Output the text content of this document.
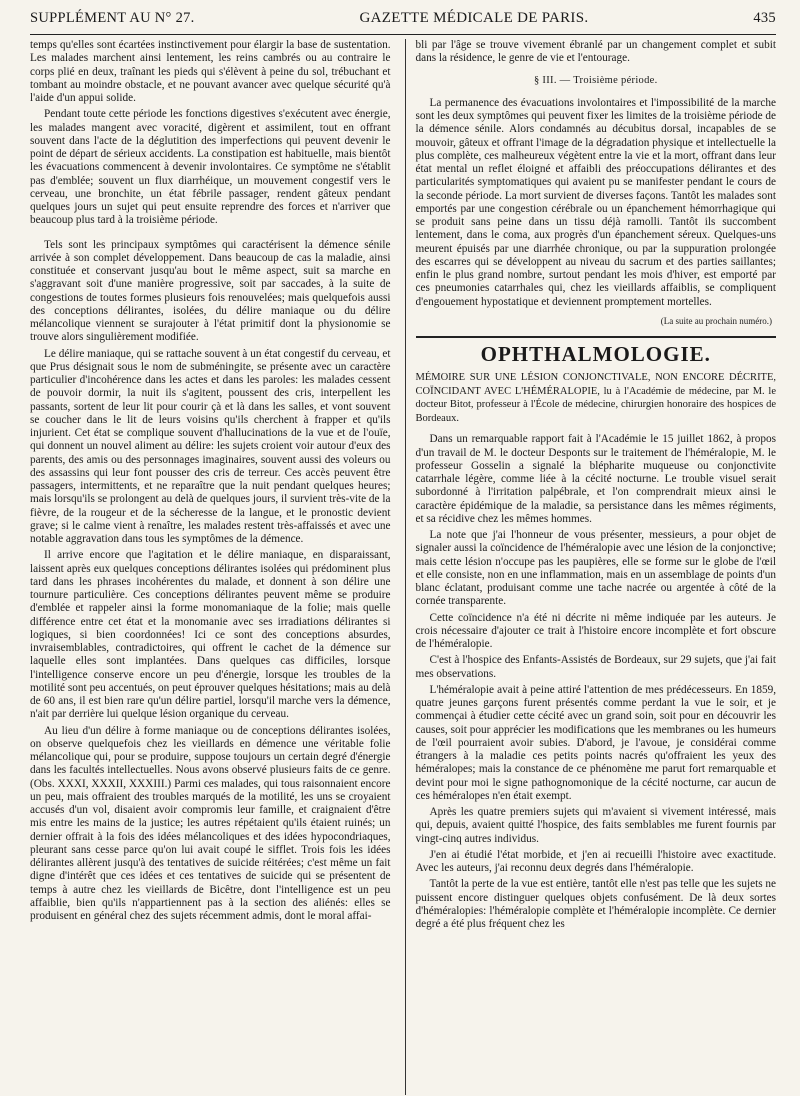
SUPPLÉMENT AU N° 27.	GAZETTE MÉDICALE DE PARIS.	435

temps qu'elles sont écartées instinctivement pour élargir la base de sustentation. Les malades marchent ainsi lentement, les reins cambrés ou au contraire le corps plié en deux, traînant les pieds qui s'élèvent à peine du sol, trébuchant et tombant au moindre obstacle, et ne pouvant avancer avec quelque sécurité qu'à l'aide d'un appui solide.

Pendant toute cette période les fonctions digestives s'exécutent avec énergie, les malades mangent avec voracité, digèrent et assimilent, tout en offrant souvent dans l'acte de la déglutition des imperfections qui peuvent devenir le point de départ de sérieux accidents. La constipation est habituelle, mais bientôt les évacuations commencent à devenir involontaires. Ce symptôme ne s'établit pas d'emblée; souvent un flux diarrhéique, un mouvement congestif vers le cerveau, une bronchite, un état fébrile passager, rendent gâteux pendant quelques jours un sujet qui peut ensuite reprendre des forces et n'arriver que beaucoup plus tard à la troisième période.

Tels sont les principaux symptômes qui caractérisent la démence sénile arrivée à son complet développement. Dans beaucoup de cas la maladie, ainsi constituée et conservant jusqu'au bout le même aspect, suit sa marche en s'aggravant soit d'une manière progressive, soit par saccades, à la suite de congestions de toutes formes plusieurs fois renouvelées; mais quelquefois aussi des conceptions délirantes, isolées, du délire maniaque ou du délire mélancolique viennent se surajouter à l'état primitif dont la physionomie se trouve alors singulièrement modifiée.

Le délire maniaque, qui se rattache souvent à un état congestif du cerveau, et que Prus désignait sous le nom de subméningite, se présente avec un caractère particulier d'incohérence dans les actes et dans les paroles: les malades cessent de pouvoir dormir, la nuit ils s'agitent, poussent des cris, interpellent les passants, sortent de leur lit pour courir çà et là dans les salles, et vont souvent se coucher dans le lit de leurs voisins qu'ils cherchent à frapper et qu'ils injurient. Cet état se complique souvent d'hallucinations de la vue et de l'ouïe, qui donnent un nouvel aliment au délire: les sujets croient voir autour d'eux des parents, des amis ou des personnages imaginaires, souvent aussi des voleurs ou des assassins qui leur font pousser des cris de terreur. Ces accès peuvent être passagers, intermittents, et ne reparaître que la nuit pendant quelques heures; mais lorsqu'ils se prolongent au delà de quelques jours, il survient très-vite de la fièvre, de la rougeur et de la sécheresse de la langue, et le pronostic devient grave; si le calme vient à renaître, les malades restent très-affaissés et avec une notable aggravation dans tous les symptômes de la démence.

Il arrive encore que l'agitation et le délire maniaque, en disparaissant, laissent après eux quelques conceptions délirantes isolées qui prédominent plus tard dans les phrases incohérentes du malade, et donnent à son délire une tournure particulière. Ces conceptions délirantes peuvent même se produire d'emblée et rappeler ainsi la forme monomaniaque de la folie; mais quelle différence entre cet état et la monomanie avec ses irradiations délirantes si logiques, si bien coordonnées! Ici ce sont des conceptions absurdes, invraisemblables, contradictoires, qui offrent le cachet de la démence sur laquelle elles sont implantées. Dans quelques cas difficiles, lorsque l'intelligence conserve encore un peu d'énergie, lorsque les troubles de la motilité sont peu accentués, on peut éprouver quelques hésitations; mais au delà de 60 ans, il est bien rare qu'un délire partiel, lorsqu'il marche vers la démence, n'ait par derrière lui quelque lésion organique du cerveau.

Au lieu d'un délire à forme maniaque ou de conceptions délirantes isolées, on observe quelquefois chez les vieillards en démence une véritable folie mélancolique qui, pour se produire, suppose toujours un certain degré d'énergie dans les facultés intellectuelles. Nous avons observé plusieurs faits de ce genre. (Obs. XXXI, XXXII, XXXIII.) Parmi ces malades, qui tous raisonnaient encore un peu, mais offraient des troubles marqués de la motilité, les uns se croyaient accusés d'un vol, disaient avoir compromis leur famille, et craignaient d'être mis entre les mains de la justice; les autres répétaient qu'ils étaient ruinés; un dernier offrait à la fois des idées mélancoliques et des idées hypocondriaques, pleurant sans cesse parce qu'on lui avait coupé le sifflet. Trois fois les idées délirantes allèrent jusqu'à des tentatives de suicide réitérées; c'est même un fait digne d'intérêt que ces idées et ces tentatives de suicide qui se présentent de temps à autre chez les vieillards de Bicêtre, dont l'intelligence est un peu affaiblie, bien qu'ils n'appartiennent pas à la section des aliénés: elles se produisent en général chez des sujets récemment admis, dont le moral affai-

bli par l'âge se trouve vivement ébranlé par un changement complet et subit dans la résidence, le genre de vie et l'entourage.

§ III. — Troisième période.

La permanence des évacuations involontaires et l'impossibilité de la marche sont les deux symptômes qui peuvent fixer les limites de la troisième période de la démence sénile. Alors condamnés au décubitus dorsal, incapables de se mouvoir, gâteux et offrant l'image de la dégradation physique et intellectuelle la plus complète, ces malheureux végètent entre la vie et la mort, offrant dans leur état mental un reflet éloigné et affaibli des préoccupations délirantes et des particularités symptomatiques qui avaient pu se manifester pendant le cours de la seconde période. La mort survient de diverses façons. Tantôt les malades sont emportés par une congestion cérébrale ou un épanchement hémorrhagique qui se produit sans peine dans un tissu déjà ramolli. Tantôt ils succombent lentement, dans le coma, aux progrès d'un épanchement séreux. Quelques-uns meurent épuisés par une diarrhée chronique, ou par la suppuration prolongée des escarres qui se développent au niveau du sacrum et des parties saillantes; enfin le plus grand nombre, surtout pendant les mois d'hiver, est emporté par ces pneumonies catarrhales qui, chez les vieillards affaiblis, se compliquent d'engouement hypostatique et deviennent promptement mortelles.

(La suite au prochain numéro.)
OPHTHALMOLOGIE.
MÉMOIRE SUR UNE LÉSION CONJONCTIVALE, NON ENCORE DÉCRITE, COÏNCIDANT AVEC L'HÉMÉRALOPIE, lu à l'Académie de médecine, par M. le docteur Bitot, professeur à l'École de médecine, chirurgien honoraire des hospices de Bordeaux.

Dans un remarquable rapport fait à l'Académie le 15 juillet 1862, à propos d'un travail de M. le docteur Desponts sur le traitement de l'héméralopie, M. le professeur Gosselin a signalé la blépharite muqueuse ou conjonctivite catarrhale légère, comme liée à la cécité nocturne. Le trouble visuel serait subordonné à l'irritation palpébrale, et l'on comprendrait mieux ainsi le caractère épidémique de la maladie, sa persistance dans les mêmes régiments, et sa récidive chez les mêmes hommes.

La note que j'ai l'honneur de vous présenter, messieurs, a pour objet de signaler aussi la coïncidence de l'héméralopie avec une lésion de la conjonctive; mais cette lésion n'occupe pas les paupières, elle se forme sur le globe de l'œil et elle consiste, non en une inflammation, mais en un assemblage de points d'un blanc éclatant, produisant comme une tache nacrée ou argentée à côté de la cornée transparente.

Cette coïncidence n'a été ni décrite ni même indiquée par les auteurs. Je crois nécessaire d'ajouter ce trait à l'histoire encore incomplète et fort obscure de l'héméralopie.

C'est à l'hospice des Enfants-Assistés de Bordeaux, sur 29 sujets, que j'ai fait mes observations.

L'héméralopie avait à peine attiré l'attention de mes prédécesseurs. En 1859, quatre jeunes garçons furent présentés comme perdant la vue le soir, et je commençai à étudier cette cécité avec un grand soin, soit pour en découvrir les causes, soit pour apprécier les modifications que les membranes ou les humeurs de l'œil pourraient avoir subies. D'abord, je l'avoue, je considérai comme étrangers à la maladie ces petits points nacrés qu'offraient les yeux des héméralopes; mais la constance de ce phénomène me parut fort remarquable et devint pour moi le signe pathognomonique de la cécité nocturne, car aucun de ces héméralopes n'en était exempt.

Après les quatre premiers sujets qui m'avaient si vivement intéressé, mais qui, depuis, avaient quitté l'hospice, des faits semblables me furent fournis par vingt-cinq autres individus.

J'en ai étudié l'état morbide, et j'en ai recueilli l'histoire avec exactitude. Avec les auteurs, j'ai reconnu deux degrés dans l'héméralopie.

Tantôt la perte de la vue est entière, tantôt elle n'est pas telle que les sujets ne puissent encore distinguer quelques objets confusément. De là deux sortes d'héméralopies: l'héméralopie complète et l'héméralopie incomplète. Ce dernier degré a été plus fréquent chez les
